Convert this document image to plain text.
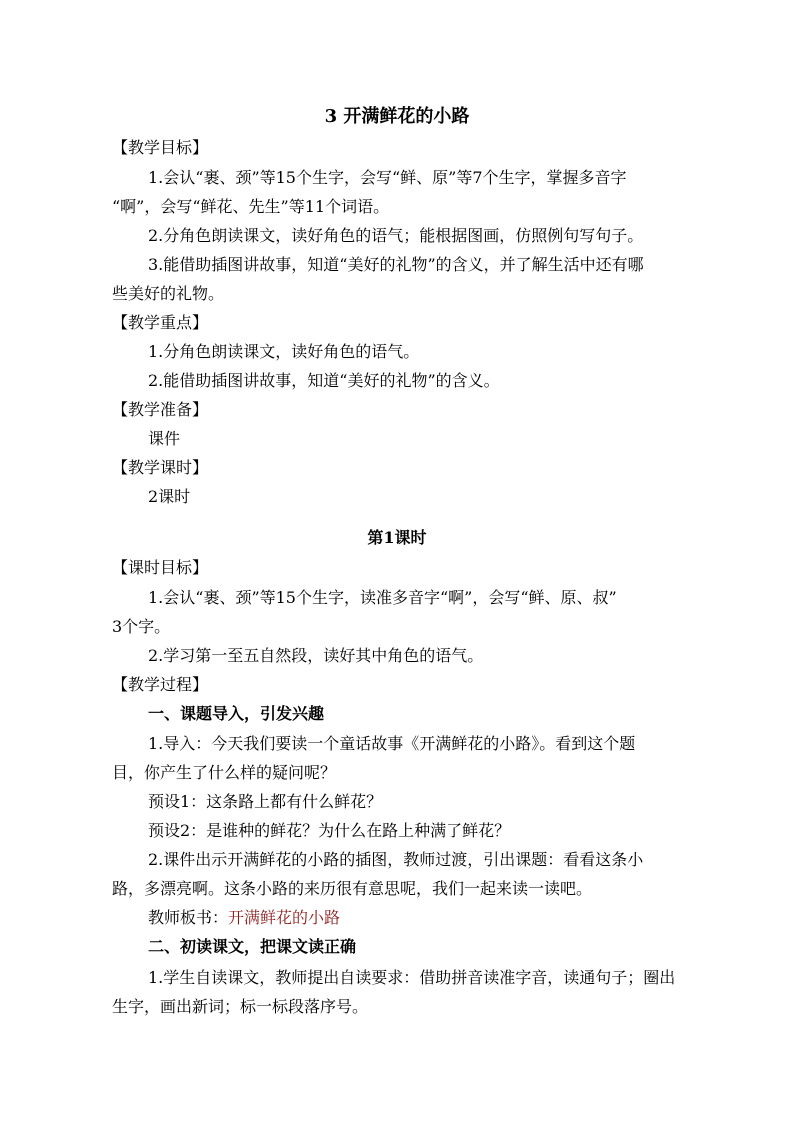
3 开满鲜花的小路
【教学目标】
1.会认“裹、颈”等15个生字，会写“鲜、原”等7个生字，掌握多音字
“啊”，会写“鲜花、先生”等11个词语。
2.分角色朗读课文，读好角色的语气；能根据图画，仿照例句写句子。
3.能借助插图讲故事，知道“美好的礼物”的含义，并了解生活中还有哪
些美好的礼物。
【教学重点】
1.分角色朗读课文，读好角色的语气。
2.能借助插图讲故事，知道“美好的礼物”的含义。
【教学准备】
课件
【教学课时】
2课时
第1课时
【课时目标】
1.会认“裹、颈”等15个生字，读准多音字“啊”，会写“鲜、原、叔”
3个字。
2.学习第一至五自然段，读好其中角色的语气。
【教学过程】
一、课题导入，引发兴趣
1.导入：今天我们要读一个童话故事《开满鲜花的小路》。看到这个题
目，你产生了什么样的疑问呢？
预设1：这条路上都有什么鲜花？
预设2：是谁种的鲜花？为什么在路上种满了鲜花？
2.课件出示开满鲜花的小路的插图，教师过渡，引出课题：看看这条小
路，多漂亮啊。这条小路的来历很有意思呢，我们一起来读一读吧。
教师板书：开满鲜花的小路
二、初读课文，把课文读正确
1.学生自读课文，教师提出自读要求：借助拼音读准字音，读通句子；圈出
生字，画出新词；标一标段落序号。
